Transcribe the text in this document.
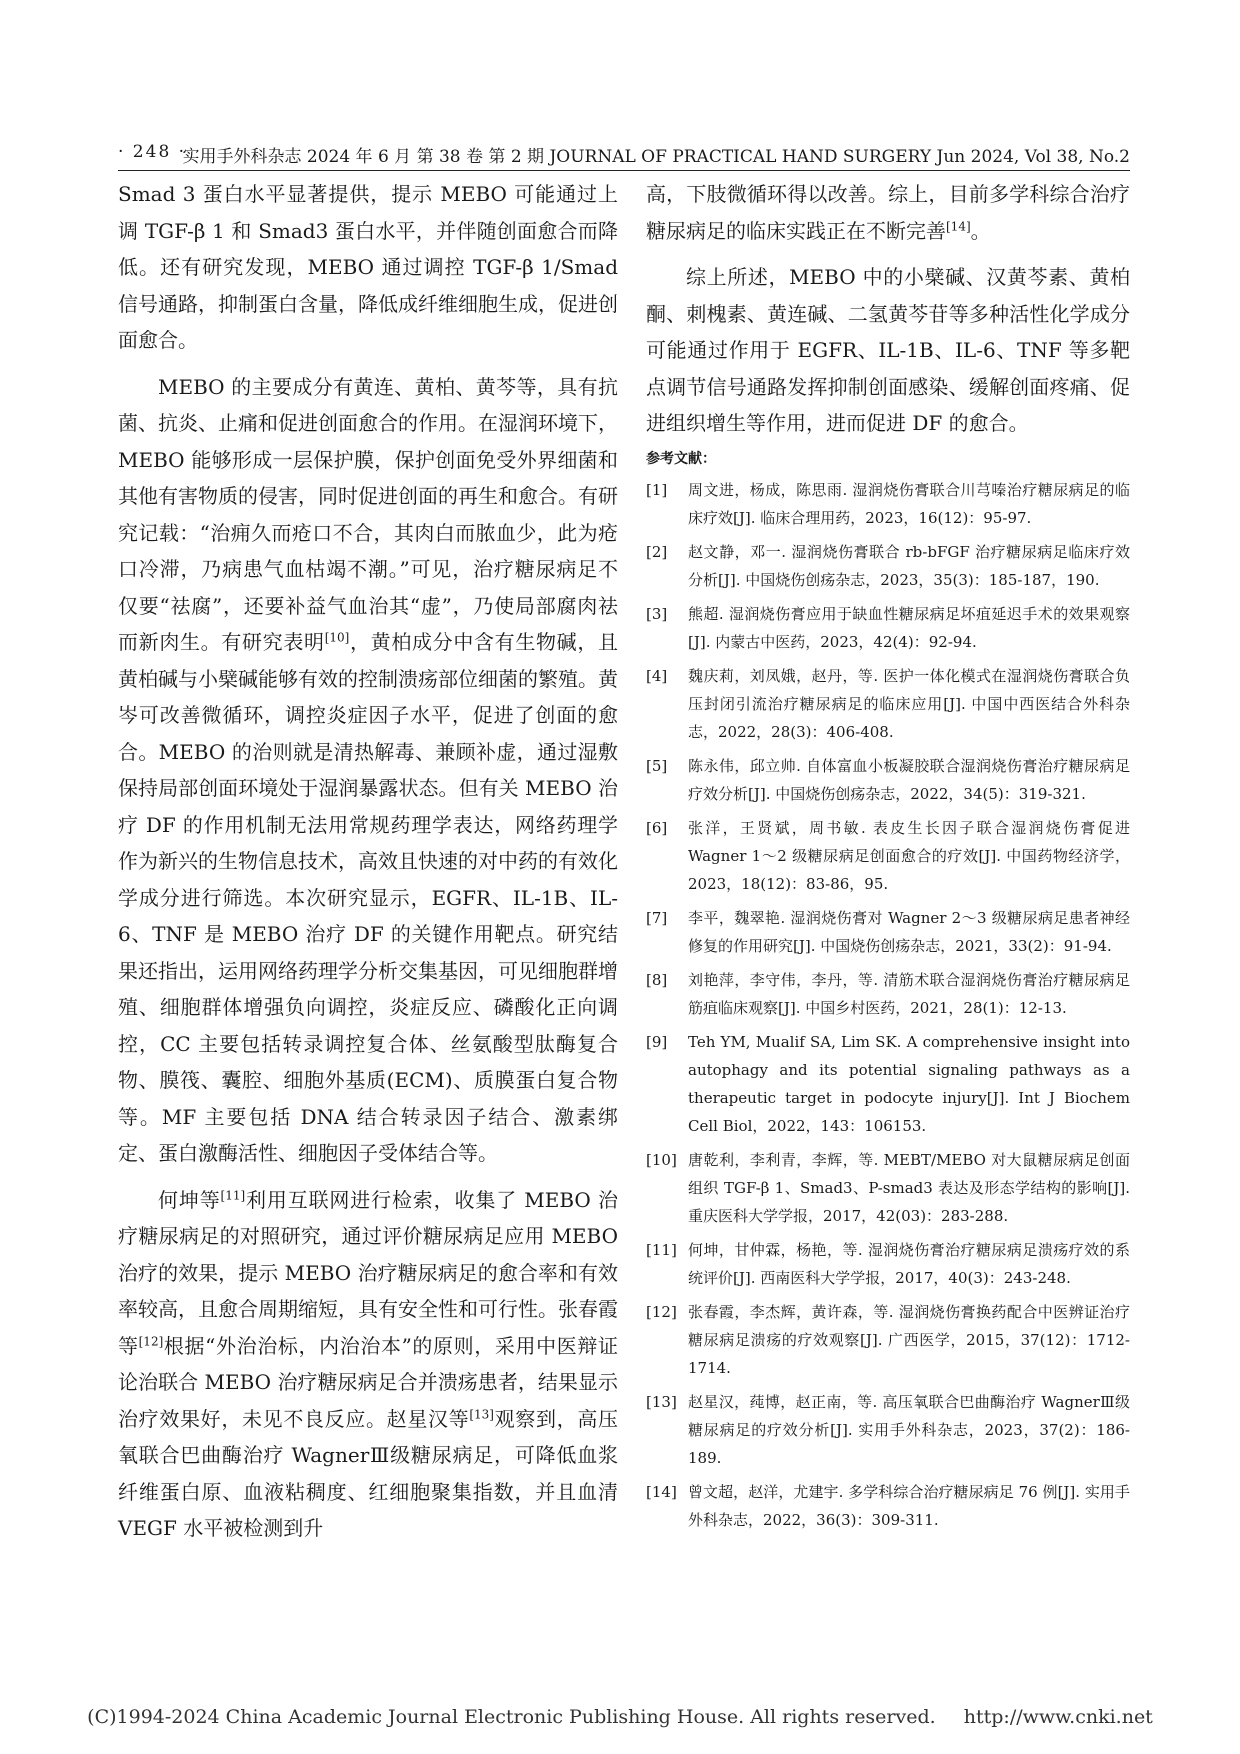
· 248 ·
实用手外科杂志 2024 年 6 月 第 38 卷 第 2 期 JOURNAL OF PRACTICAL HAND SURGERY Jun 2024, Vol 38, No.2

Smad 3 蛋白水平显著提供，提示 MEBO 可能通过上调 TGF-β 1 和 Smad3 蛋白水平，并伴随创面愈合而降低。还有研究发现，MEBO 通过调控 TGF-β 1/Smad 信号通路，抑制蛋白含量，降低成纤维细胞生成，促进创面愈合。

MEBO 的主要成分有黄连、黄柏、黄芩等，具有抗菌、抗炎、止痛和促进创面愈合的作用。在湿润环境下，MEBO 能够形成一层保护膜，保护创面免受外界细菌和其他有害物质的侵害，同时促进创面的再生和愈合。有研究记载：“治痈久而疮口不合，其肉白而脓血少，此为疮口冷滞，乃病患气血枯竭不潮。”可见，治疗糖尿病足不仅要“祛腐”，还要补益气血治其“虚”，乃使局部腐肉祛而新肉生。有研究表明[10]，黄柏成分中含有生物碱，且黄柏碱与小檗碱能够有效的控制溃疡部位细菌的繁殖。黄岑可改善微循环，调控炎症因子水平，促进了创面的愈合。MEBO 的治则就是清热解毒、兼顾补虚，通过湿敷保持局部创面环境处于湿润暴露状态。但有关 MEBO 治疗 DF 的作用机制无法用常规药理学表达，网络药理学作为新兴的生物信息技术，高效且快速的对中药的有效化学成分进行筛选。本次研究显示，EGFR、IL-1B、IL-6、TNF 是 MEBO 治疗 DF 的关键作用靶点。研究结果还指出，运用网络药理学分析交集基因，可见细胞群增殖、细胞群体增强负向调控，炎症反应、磷酸化正向调控，CC 主要包括转录调控复合体、丝氨酸型肽酶复合物、膜筏、囊腔、细胞外基质(ECM)、质膜蛋白复合物等。MF 主要包括 DNA 结合转录因子结合、激素绑定、蛋白激酶活性、细胞因子受体结合等。

何坤等[11]利用互联网进行检索，收集了 MEBO 治疗糖尿病足的对照研究，通过评价糖尿病足应用 MEBO 治疗的效果，提示 MEBO 治疗糖尿病足的愈合率和有效率较高，且愈合周期缩短，具有安全性和可行性。张春霞等[12]根据“外治治标，内治治本”的原则，采用中医辩证论治联合 MEBO 治疗糖尿病足合并溃疡患者，结果显示治疗效果好，未见不良反应。赵星汉等[13]观察到，高压氧联合巴曲酶治疗 WagnerⅢ级糖尿病足，可降低血浆纤维蛋白原、血液粘稠度、红细胞聚集指数，并且血清 VEGF 水平被检测到升

高，下肢微循环得以改善。综上，目前多学科综合治疗糖尿病足的临床实践正在不断完善[14]。

综上所述，MEBO 中的小檗碱、汉黄芩素、黄柏酮、刺槐素、黄连碱、二氢黄芩苷等多种活性化学成分可能通过作用于 EGFR、IL-1B、IL-6、TNF 等多靶点调节信号通路发挥抑制创面感染、缓解创面疼痛、促进组织增生等作用，进而促进 DF 的愈合。

参考文献：
[1] 周文进，杨成，陈思雨. 湿润烧伤膏联合川芎嗪治疗糖尿病足的临床疗效[J]. 临床合理用药，2023，16(12)：95-97.
[2] 赵文静，邓一. 湿润烧伤膏联合 rb-bFGF 治疗糖尿病足临床疗效分析[J]. 中国烧伤创疡杂志，2023，35(3)：185-187，190.
[3] 熊超. 湿润烧伤膏应用于缺血性糖尿病足坏疽延迟手术的效果观察[J]. 内蒙古中医药，2023，42(4)：92-94.
[4] 魏庆莉，刘凤娥，赵丹，等. 医护一体化模式在湿润烧伤膏联合负压封闭引流治疗糖尿病足的临床应用[J]. 中国中西医结合外科杂志，2022，28(3)：406-408.
[5] 陈永伟，邱立帅. 自体富血小板凝胶联合湿润烧伤膏治疗糖尿病足疗效分析[J]. 中国烧伤创疡杂志，2022，34(5)：319-321.
[6] 张洋，王贤斌，周书敏. 表皮生长因子联合湿润烧伤膏促进 Wagner 1～2 级糖尿病足创面愈合的疗效[J]. 中国药物经济学，2023，18(12)：83-86，95.
[7] 李平，魏翠艳. 湿润烧伤膏对 Wagner 2～3 级糖尿病足患者神经修复的作用研究[J]. 中国烧伤创疡杂志，2021，33(2)：91-94.
[8] 刘艳萍，李守伟，李丹，等. 清筋术联合湿润烧伤膏治疗糖尿病足筋疽临床观察[J]. 中国乡村医药，2021，28(1)：12-13.
[9] Teh YM, Mualif SA, Lim SK. A comprehensive insight into autophagy and its potential signaling pathways as a therapeutic target in podocyte injury[J]. Int J Biochem Cell Biol，2022，143：106153.
[10] 唐乾利，李利青，李辉，等. MEBT/MEBO 对大鼠糖尿病足创面组织 TGF-β 1、Smad3、P-smad3 表达及形态学结构的影响[J]. 重庆医科大学学报，2017，42(03)：283-288.
[11] 何坤，甘仲霖，杨艳，等. 湿润烧伤膏治疗糖尿病足溃疡疗效的系统评价[J]. 西南医科大学学报，2017，40(3)：243-248.
[12] 张春霞，李杰辉，黄许森，等. 湿润烧伤膏换药配合中医辨证治疗糖尿病足溃疡的疗效观察[J]. 广西医学，2015，37(12)：1712-1714.
[13] 赵星汉，莼博，赵正南，等. 高压氧联合巴曲酶治疗 WagnerⅢ级糖尿病足的疗效分析[J]. 实用手外科杂志，2023，37(2)：186-189.
[14] 曾文超，赵洋，尤建宇. 多学科综合治疗糖尿病足 76 例[J]. 实用手外科杂志，2022，36(3)：309-311.
(C)1994-2024 China Academic Journal Electronic Publishing House. All rights reserved. http://www.cnki.net
